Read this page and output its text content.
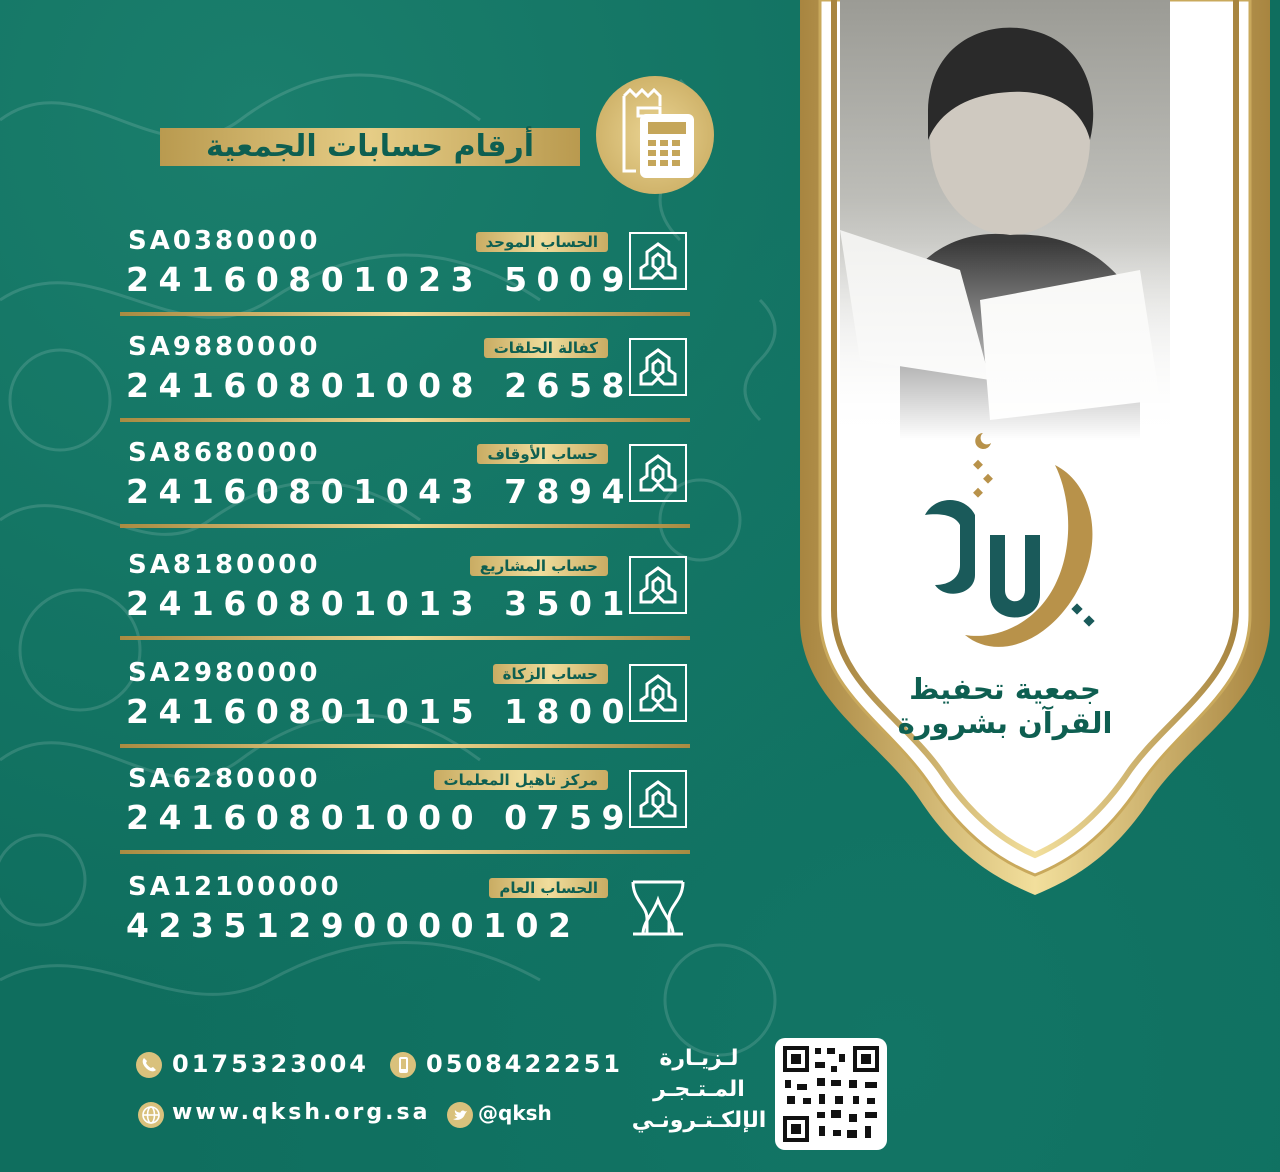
أرقام حسابات الجمعية
الحساب الموحد
SA0380000
24160801023 5009
كفالة الحلقات
SA9880000
24160801008 2658
حساب الأوقاف
SA8680000
24160801043 7894
حساب المشاريع
SA8180000
24160801013 3501
حساب الزكاة
SA2980000
24160801015 1800
مركز تاهيل المعلمات
SA6280000
24160801000 0759
الحساب العام
SA12100000
42351290000102
جمعية تحفيظ
القرآن بشرورة
0175323004 0508422251
www.qksh.org.sa @qksh
لـزيـارة
المـتـجـر
الإلكـتـرونـي
